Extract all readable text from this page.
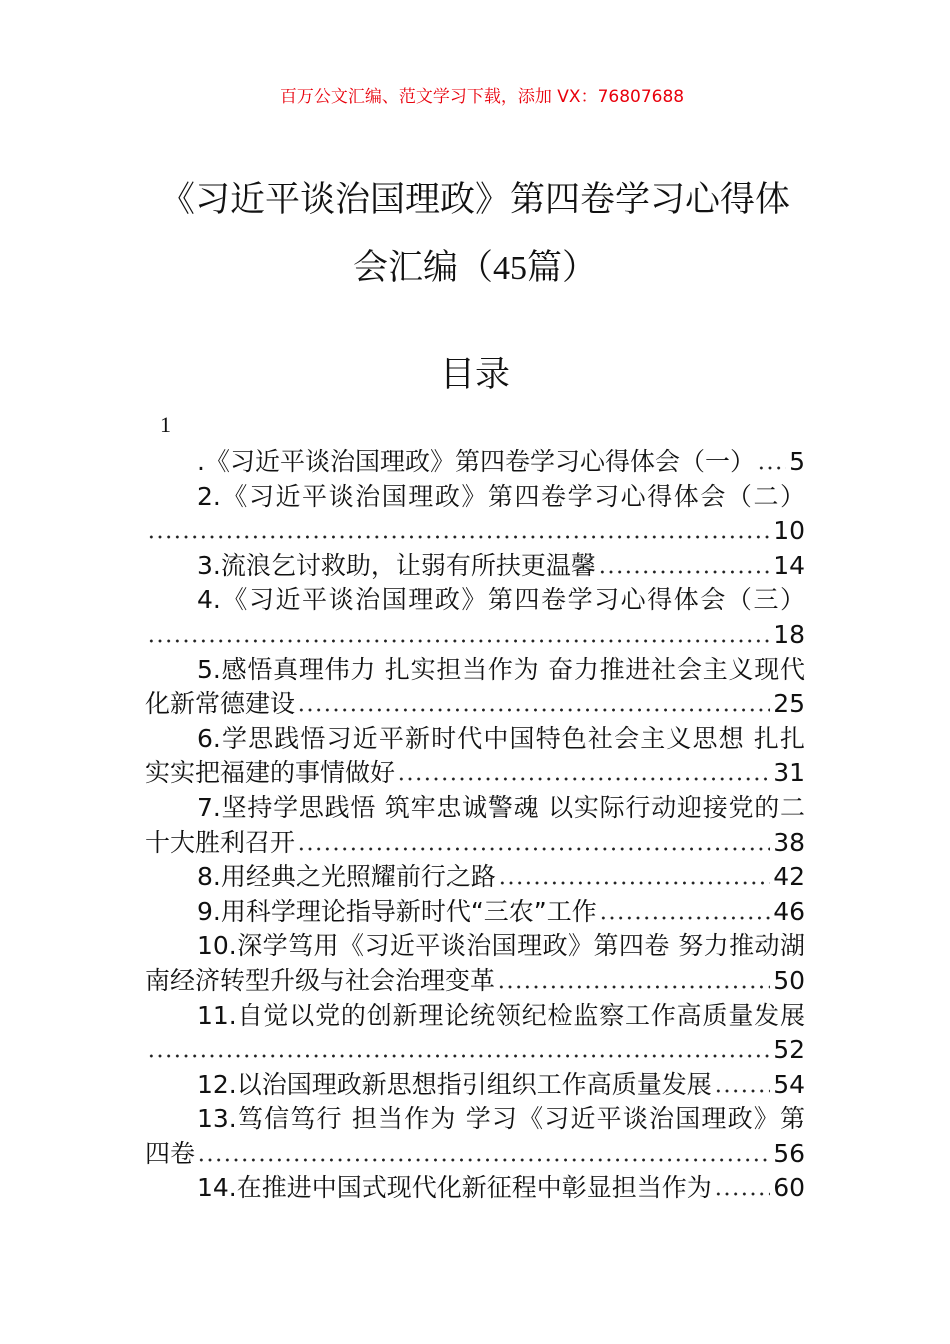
百万公文汇编、范文学习下载，添加 VX：76807688
《习近平谈治国理政》第四卷学习心得体
会汇编（45篇）
目录
1
.《习近平谈治国理政》第四卷学习心得体会（一） 5
2.《习近平谈治国理政》第四卷学习心得体会（二）
10
3.流浪乞讨救助，让弱有所扶更温馨	14
4.《习近平谈治国理政》第四卷学习心得体会（三）
18
5.感悟真理伟力 扎实担当作为 奋力推进社会主义现代
化新常德建设	25
6.学思践悟习近平新时代中国特色社会主义思想 扎扎
实实把福建的事情做好	31
7.坚持学思践悟 筑牢忠诚警魂 以实际行动迎接党的二
十大胜利召开	38
8.用经典之光照耀前行之路	42
9.用科学理论指导新时代“三农”工作	46
10.深学笃用《习近平谈治国理政》第四卷 努力推动湖
南经济转型升级与社会治理变革	50
11.自觉以党的创新理论统领纪检监察工作高质量发展
52
12.以治国理政新思想指引组织工作高质量发展 54
13.笃信笃行 担当作为 学习《习近平谈治国理政》第
四卷	56
14.在推进中国式现代化新征程中彰显担当作为 60
